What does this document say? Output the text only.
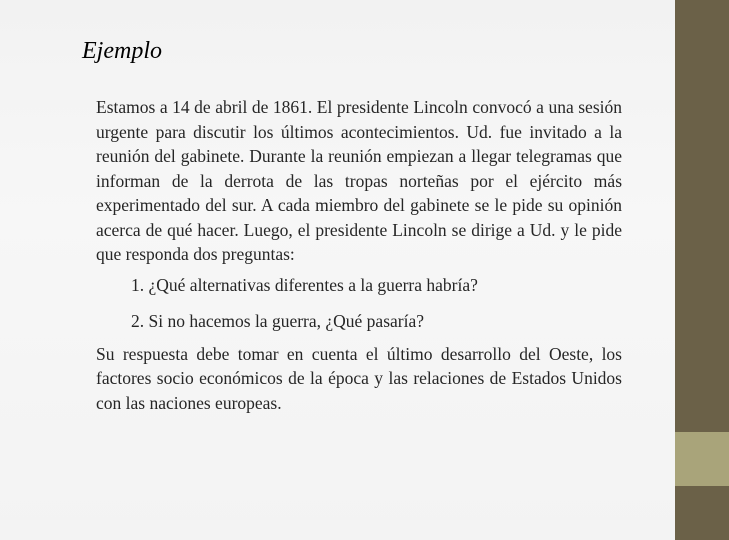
Ejemplo

Estamos a 14 de abril de 1861. El presidente Lincoln convocó a una sesión urgente para discutir los últimos acontecimientos. Ud. fue invitado a la reunión del gabinete. Durante la reunión empiezan a llegar telegramas que informan de la derrota de las tropas norteñas por el ejército más experimentado del sur. A cada miembro del gabinete se le pide su opinión acerca de qué hacer. Luego, el presidente Lincoln se dirige a Ud. y le pide que responda dos preguntas:

1. ¿Qué alternativas diferentes a la guerra habría?
2. Si no hacemos la guerra, ¿Qué pasaría?

Su respuesta debe tomar en cuenta el último desarrollo del Oeste, los factores socio económicos de la época y las relaciones de Estados Unidos con las naciones europeas.
